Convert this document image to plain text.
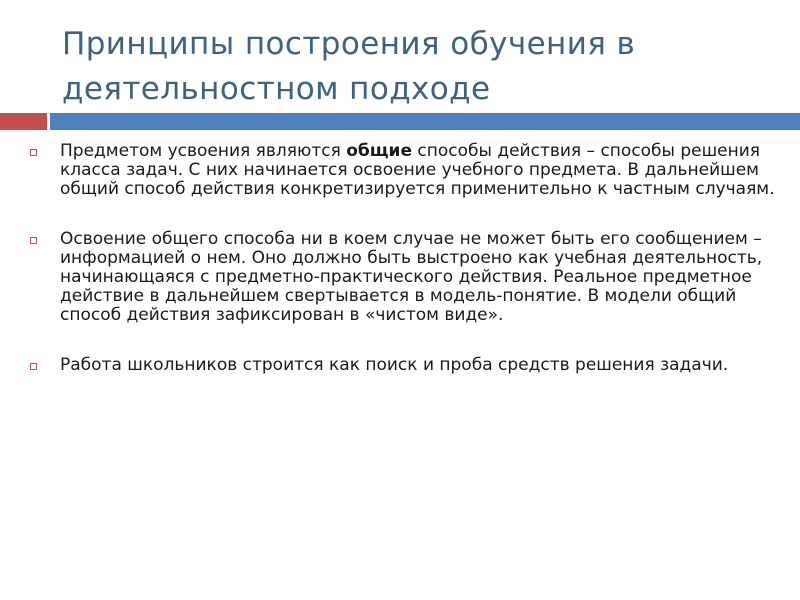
Принципы построения обучения в
деятельностном подходе

Предметом усвоения являются общие способы действия – способы решения класса задач. С них начинается освоение учебного предмета. В дальнейшем общий способ действия конкретизируется применительно к частным случаям.

Освоение общего способа ни в коем случае не может быть его сообщением – информацией о нем. Оно должно быть выстроено как учебная деятельность, начинающаяся с предметно-практического действия. Реальное предметное действие в дальнейшем свертывается в модель-понятие. В модели общий способ действия зафиксирован в «чистом виде».

Работа школьников строится как поиск и проба средств решения задачи.
